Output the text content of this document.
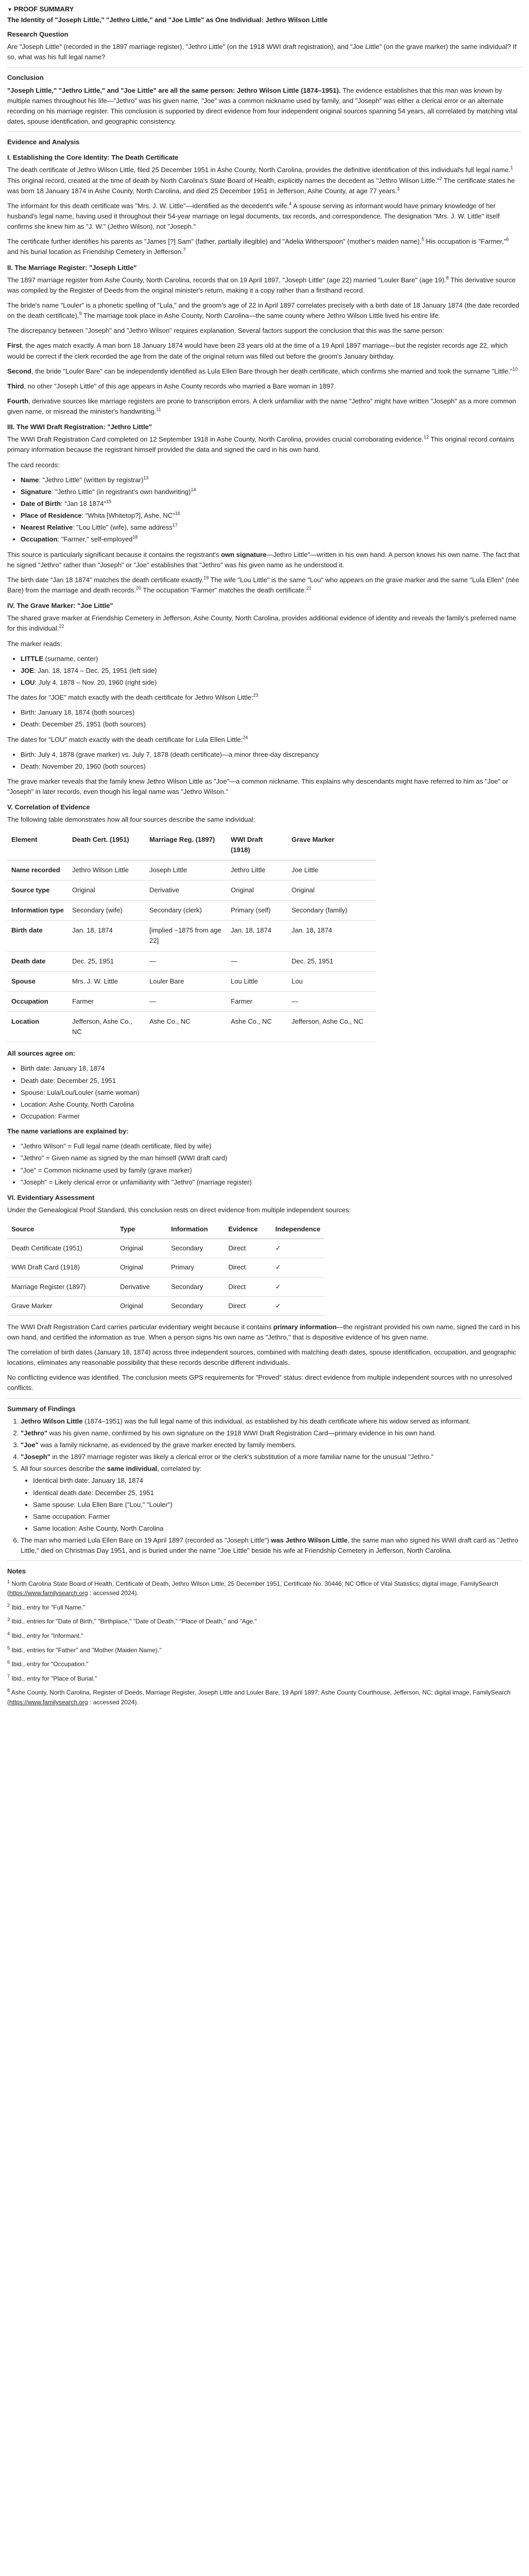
▼ PROOF SUMMARY
The Identity of "Joseph Little," "Jethro Little," and "Joe Little" as One Individual: Jethro Wilson Little
Research Question

Are "Joseph Little" (recorded in the 1897 marriage register), "Jethro Little" (on the 1918 WWI draft registration), and "Joe Little" (on the grave marker) the same individual? If so, what was his full legal name?

Conclusion

"Joseph Little," "Jethro Little," and "Joe Little" are all the same person: Jethro Wilson Little (1874–1951). The evidence establishes that this man was known by multiple names throughout his life—"Jethro" was his given name, "Joe" was a common nickname used by family, and "Joseph" was either a clerical error or an alternate recording on his marriage register. This conclusion is supported by direct evidence from four independent original sources spanning 54 years, all correlated by matching vital dates, spouse identification, and geographic consistency.

Evidence and Analysis
I. Establishing the Core Identity: The Death Certificate

The death certificate of Jethro Wilson Little, filed 25 December 1951 in Ashe County, North Carolina, provides the definitive identification of this individual's full legal name.$^1$ This original record, created at the time of death by North Carolina's State Board of Health, explicitly names the decedent as "Jethro Wilson Little."$^2$ The certificate states he was born 18 January 1874 in Ashe County, North Carolina, and died 25 December 1951 in Jefferson, Ashe County, at age 77 years.$^3$

The informant for this death certificate was "Mrs. J. W. Little"—identified as the decedent's wife.$^4$ A spouse serving as informant would have primary knowledge of her husband's legal name, having used it throughout their 54-year marriage on legal documents, tax records, and correspondence. The designation "Mrs. J. W. Little" itself confirms she knew him as "J. W." (Jethro Wilson), not "Joseph."

The certificate further identifies his parents as "James [?] Sam" (father, partially illegible) and "Adelia Witherspoon" (mother's maiden name).$^5$ His occupation is "Farmer,"$^6$ and his burial location as Friendship Cemetery in Jefferson.$^7$

II. The Marriage Register: "Joseph Little"

The 1897 marriage register from Ashe County, North Carolina, records that on 19 April 1897, "Joseph Little" (age 22) married "Louler Bare" (age 19).$^8$ This derivative source was compiled by the Register of Deeds from the original minister's return, making it a copy rather than a firsthand record.

The bride's name "Louler" is a phonetic spelling of "Lula," and the groom's age of 22 in April 1897 correlates precisely with a birth date of 18 January 1874 (the date recorded on the death certificate).$^9$ The marriage took place in Ashe County, North Carolina—the same county where Jethro Wilson Little lived his entire life.

The discrepancy between "Joseph" and "Jethro Wilson" requires explanation. Several factors support the conclusion that this was the same person:

First, the ages match exactly. A man born 18 January 1874 would have been 23 years old at the time of a 19 April 1897 marriage—but the register records age 22, which would be correct if the clerk recorded the age from the date of the original return was filled out before the groom's January birthday.

Second, the bride "Louler Bare" can be independently identified as Lula Ellen Bare through her death certificate, which confirms she married and took the surname "Little."$^{10}$

Third, no other "Joseph Little" of this age appears in Ashe County records who married a Bare woman in 1897.

Fourth, derivative sources like marriage registers are prone to transcription errors. A clerk unfamiliar with the name "Jethro" might have written "Joseph" as a more common given name, or misread the minister's handwriting.$^{11}$

III. The WWI Draft Registration: "Jethro Little"

The WWI Draft Registration Card completed on 12 September 1918 in Ashe County, North Carolina, provides crucial corroborating evidence.$^{12}$ This original record contains primary information because the registrant himself provided the data and signed the card in his own hand.

The card records:

• Name: "Jethro Little" (written by registrar)$^{13}$
• Signature: "Jethro Little" (in registrant's own handwriting)$^{14}$
• Date of Birth: "Jan 18 1874"$^{15}$
• Place of Residence: "Whita [Whitetop?], Ashe, NC"$^{16}$
• Nearest Relative: "Lou Little" (wife), same address$^{17}$
• Occupation: "Farmer," self-employed$^{18}$

This source is particularly significant because it contains the registrant's own signature—Jethro Little"—written in his own hand. A person knows his own name. The fact that he signed "Jethro" rather than "Joseph" or "Joe" establishes that "Jethro" was his given name as he understood it.

The birth date "Jan 18 1874" matches the death certificate exactly.$^{19}$ The wife "Lou Little" is the same "Lou" who appears on the grave marker and the same "Lula Ellen" (née Bare) from the marriage and death records.$^{20}$ The occupation "Farmer" matches the death certificate.$^{21}$

IV. The Grave Marker: "Joe Little"

The shared grave marker at Friendship Cemetery in Jefferson, Ashe County, North Carolina, provides additional evidence of identity and reveals the family's preferred name for this individual.$^{22}$

The marker reads:

• LITTLE (surname, center)
• JOE: Jan. 18, 1874 – Dec. 25, 1951 (left side)
• LOU: July 4, 1878 – Nov. 20, 1960 (right side)

The dates for "JOE" match exactly with the death certificate for Jethro Wilson Little:$^{23}$

• Birth: January 18, 1874 (both sources)
• Death: December 25, 1951 (both sources)

The dates for "LOU" match exactly with the death certificate for Lula Ellen Little:$^{24}$

• Birth: July 4, 1878 (grave marker) vs. July 7, 1878 (death certificate)—a minor three-day discrepancy
• Death: November 20, 1960 (both sources)

The grave marker reveals that the family knew Jethro Wilson Little as "Joe"—a common nickname. This explains why descendants might have referred to him as "Joe" or "Joseph" in later records, even though his legal name was "Jethro Wilson."

V. Correlation of Evidence

The following table demonstrates how all four sources describe the same individual:

Element	Death Cert. (1951)	Marriage Reg. (1897)	WWI Draft (1918)	Grave Marker
Name recorded	Jethro Wilson Little	Joseph Little	Jethro Little	Joe Little
Source type	Original	Derivative	Original	Original
Information type	Secondary (wife)	Secondary (clerk)	Primary (self)	Secondary (family)
Birth date	Jan. 18, 1874	[implied ~1875 from age 22]	Jan. 18, 1874	Jan. 18, 1874
Death date	Dec. 25, 1951	—	—	Dec. 25, 1951
Spouse	Mrs. J. W. Little	Louler Bare	Lou Little	Lou
Occupation	Farmer	—	Farmer	—
Location	Jefferson, Ashe Co., NC	Ashe Co., NC	Ashe Co., NC	Jefferson, Ashe Co., NC

All sources agree on:

• Birth date: January 18, 1874
• Death date: December 25, 1951
• Spouse: Lula/Lou/Louler (same woman)
• Location: Ashe County, North Carolina
• Occupation: Farmer

The name variations are explained by:

• "Jethro Wilson" = Full legal name (death certificate, filed by wife)
• "Jethro" = Given name as signed by the man himself (WWI draft card)
• "Joe" = Common nickname used by family (grave marker)
• "Joseph" = Likely clerical error or unfamiliarity with "Jethro" (marriage register)
VI. Evidentiary Assessment

Under the Genealogical Proof Standard, this conclusion rests on direct evidence from multiple independent sources:

Source	Type	Information	Evidence	Independence
Death Certificate (1951)	Original	Secondary	Direct	✓
WWI Draft Card (1918)	Original	Primary	Direct	✓
Marriage Register (1897)	Derivative	Secondary	Direct	✓
Grave Marker	Original	Secondary	Direct	✓

The WWI Draft Registration Card carries particular evidentiary weight because it contains primary information—the registrant provided his own name, signed the card in his own hand, and certified the information as true. When a person signs his own name as "Jethro," that is dispositive evidence of his given name.

The correlation of birth dates (January 18, 1874) across three independent sources, combined with matching death dates, spouse identification, occupation, and geographic locations, eliminates any reasonable possibility that these records describe different individuals.

No conflicting evidence was identified. The conclusion meets GPS requirements for "Proved" status: direct evidence from multiple independent sources with no unresolved conflicts.

Summary of Findings
1. Jethro Wilson Little (1874–1951) was the full legal name of this individual, as established by his death certificate where his widow served as informant.
2. "Jethro" was his given name, confirmed by his own signature on the 1918 WWI Draft Registration Card—primary evidence in his own hand.
3. "Joe" was a family nickname, as evidenced by the grave marker erected by family members.
4. "Joseph" in the 1897 marriage register was likely a clerical error or the clerk's substitution of a more familiar name for the unusual "Jethro."
5. All four sources describe the same individual, correlated by:
• Identical birth date: January 18, 1874
• Identical death date: December 25, 1951
• Same spouse: Lula Ellen Bare ("Lou," "Louler")
• Same occupation: Farmer
• Same location: Ashe County, North Carolina
6. The man who married Lula Ellen Bare on 19 April 1897 (recorded as "Joseph Little") was Jethro Wilson Little, the same man who signed his WWI draft card as "Jethro Little," died on Christmas Day 1951, and is buried under the name "Joe Little" beside his wife at Friendship Cemetery in Jefferson, North Carolina.
Notes

$^1$ North Carolina State Board of Health, Certificate of Death, Jethro Wilson Little, 25 December 1951, Certificate No. 30446; NC Office of Vital Statistics; digital image, FamilySearch (https://www.familysearch.org : accessed 2024).

$^2$ Ibid., entry for "Full Name."

$^3$ Ibid., entries for "Date of Birth," "Birthplace," "Date of Death," "Place of Death," and "Age."

$^4$ Ibid., entry for "Informant."

$^5$ Ibid., entries for "Father" and "Mother (Maiden Name)."

$^6$ Ibid., entry for "Occupation."

$^7$ Ibid., entry for "Place of Burial."

$^8$ Ashe County, North Carolina, Register of Deeds, Marriage Register, Joseph Little and Louler Bare, 19 April 1897; Ashe County Courthouse, Jefferson, NC; digital image, FamilySearch (https://www.familysearch.org : accessed 2024).
